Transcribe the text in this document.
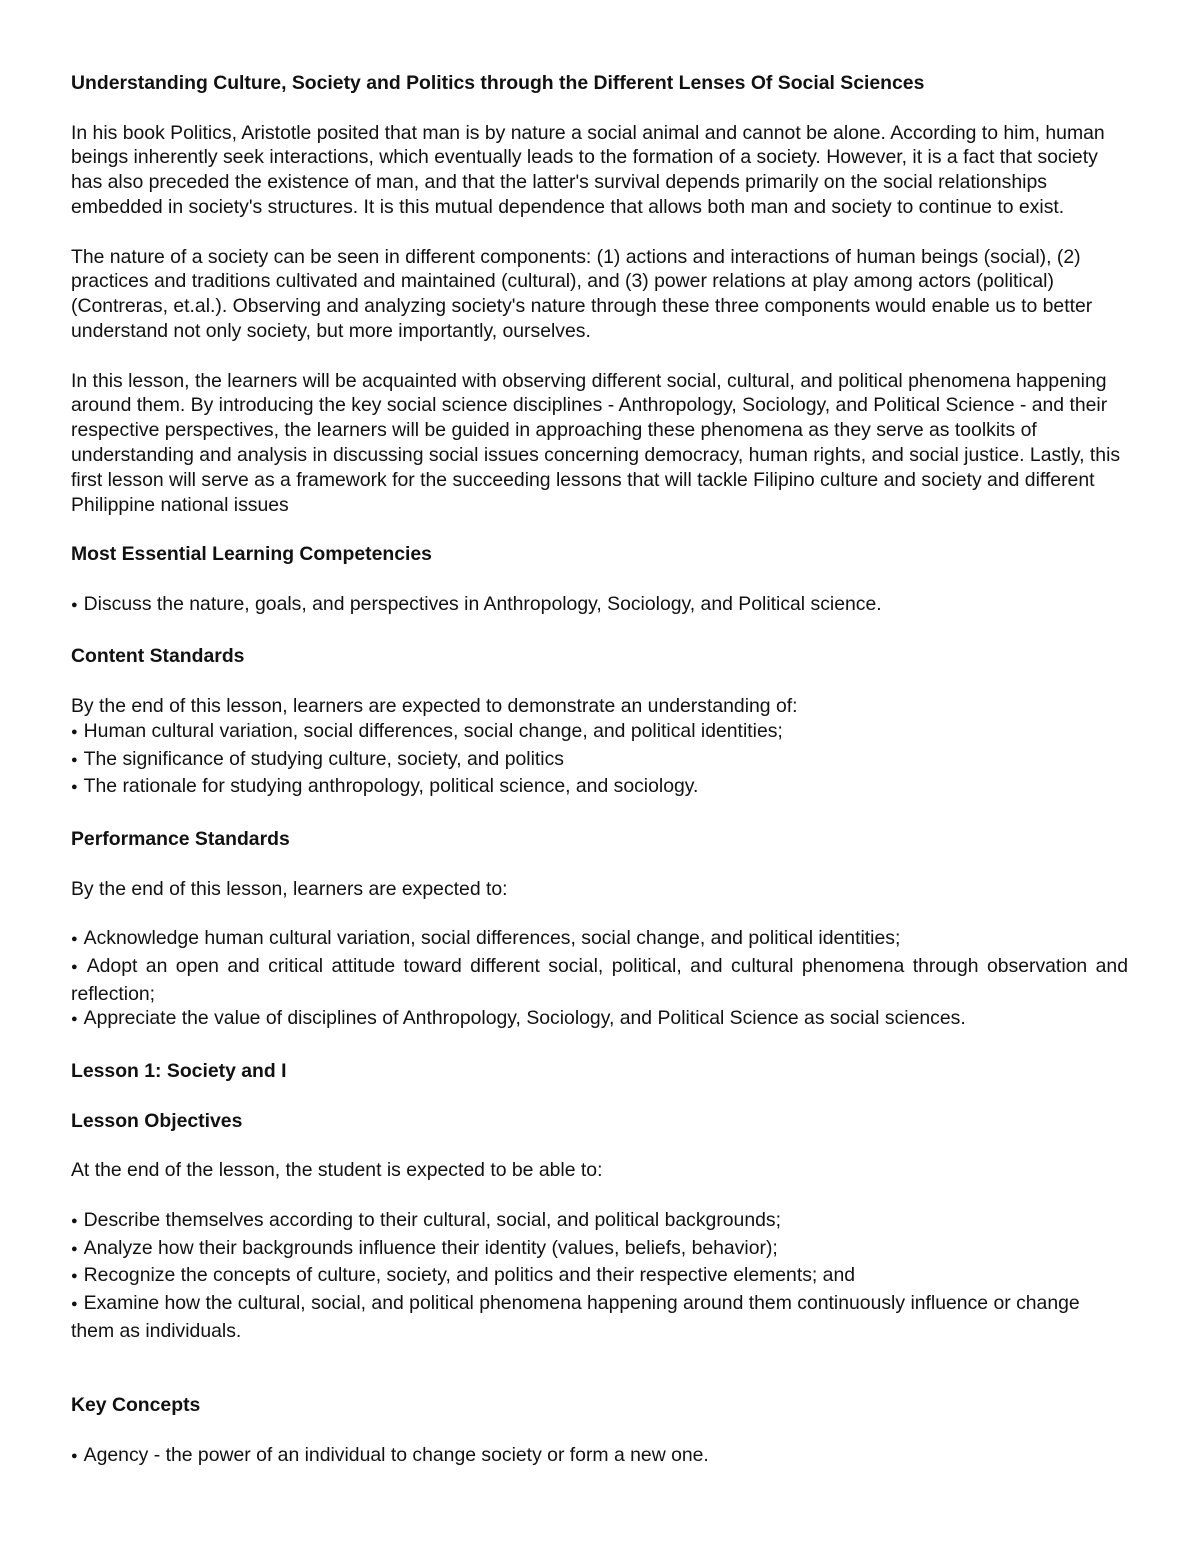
Understanding Culture, Society and Politics through the Different Lenses Of Social Sciences

In his book Politics, Aristotle posited that man is by nature a social animal and cannot be alone. According to him, human beings inherently seek interactions, which eventually leads to the formation of a society. However, it is a fact that society has also preceded the existence of man, and that the latter's survival depends primarily on the social relationships embedded in society's structures. It is this mutual dependence that allows both man and society to continue to exist.

The nature of a society can be seen in different components: (1) actions and interactions of human beings (social), (2) practices and traditions cultivated and maintained (cultural), and (3) power relations at play among actors (political) (Contreras, et.al.). Observing and analyzing society's nature through these three components would enable us to better understand not only society, but more importantly, ourselves.

In this lesson, the learners will be acquainted with observing different social, cultural, and political phenomena happening around them. By introducing the key social science disciplines - Anthropology, Sociology, and Political Science - and their respective perspectives, the learners will be guided in approaching these phenomena as they serve as toolkits of understanding and analysis in discussing social issues concerning democracy, human rights, and social justice. Lastly, this first lesson will serve as a framework for the succeeding lessons that will tackle Filipino culture and society and different Philippine national issues

Most Essential Learning Competencies

● Discuss the nature, goals, and perspectives in Anthropology, Sociology, and Political science.

Content Standards

By the end of this lesson, learners are expected to demonstrate an understanding of:

● Human cultural variation, social differences, social change, and political identities;

● The significance of studying culture, society, and politics

● The rationale for studying anthropology, political science, and sociology.

Performance Standards

By the end of this lesson, learners are expected to:

● Acknowledge human cultural variation, social differences, social change, and political identities;

● Adopt an open and critical attitude toward different social, political, and cultural phenomena through observation and reflection;

● Appreciate the value of disciplines of Anthropology, Sociology, and Political Science as social sciences.

Lesson 1: Society and I

Lesson Objectives

At the end of the lesson, the student is expected to be able to:

● Describe themselves according to their cultural, social, and political backgrounds;

● Analyze how their backgrounds influence their identity (values, beliefs, behavior);

● Recognize the concepts of culture, society, and politics and their respective elements; and

● Examine how the cultural, social, and political phenomena happening around them continuously influence or change them as individuals.

Key Concepts

● Agency - the power of an individual to change society or form a new one.
